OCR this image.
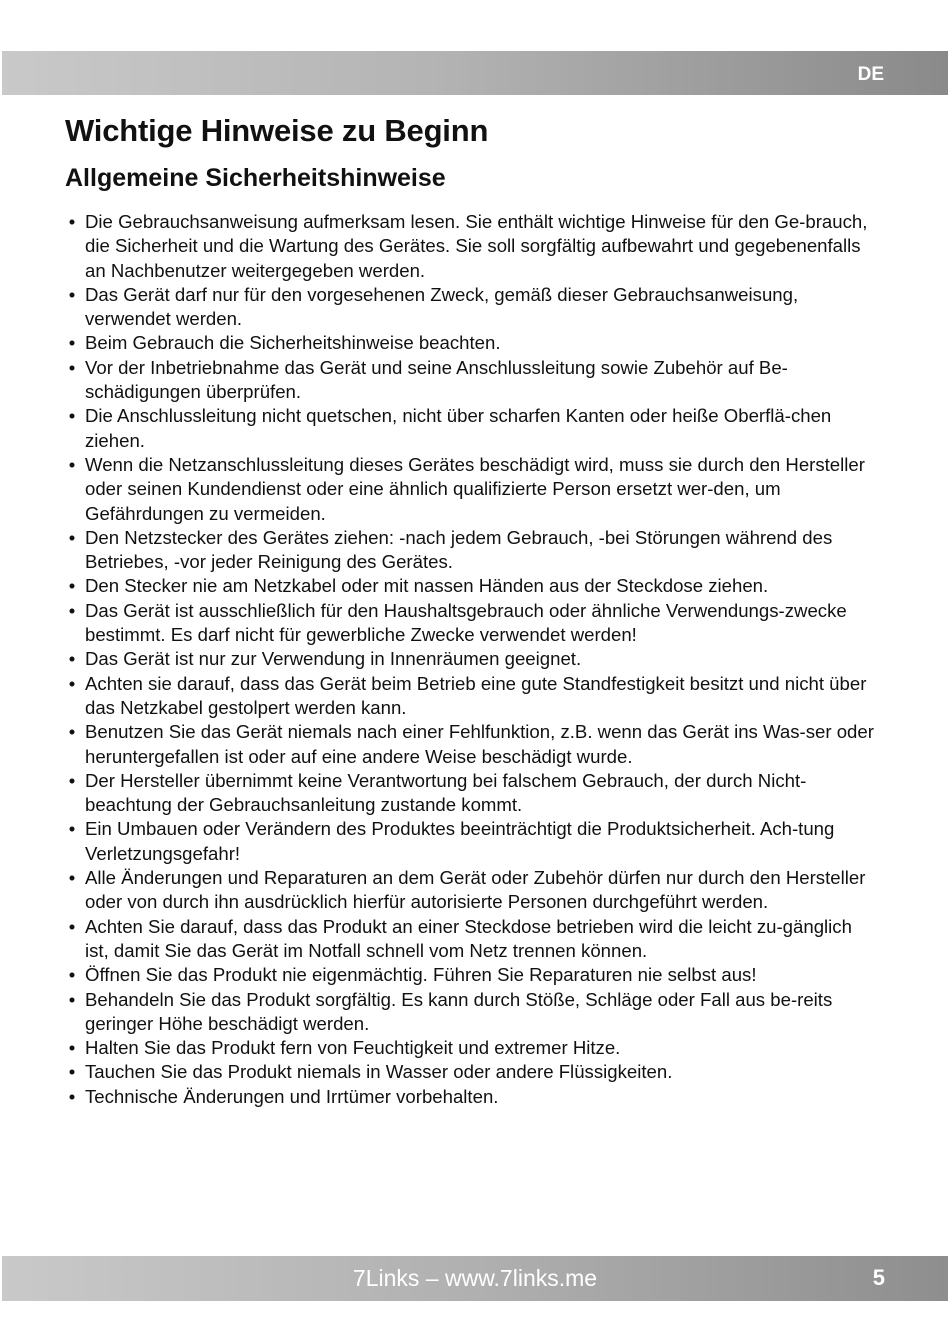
DE
Wichtige Hinweise zu Beginn
Allgemeine Sicherheitshinweise
• Die Gebrauchsanweisung aufmerksam lesen. Sie enthält wichtige Hinweise für den Ge-brauch, die Sicherheit und die Wartung des Gerätes. Sie soll sorgfältig aufbewahrt und gegebenenfalls an Nachbenutzer weitergegeben werden.
• Das Gerät darf nur für den vorgesehenen Zweck, gemäß dieser Gebrauchsanweisung, verwendet werden.
• Beim Gebrauch die Sicherheitshinweise beachten.
• Vor der Inbetriebnahme das Gerät und seine Anschlussleitung sowie Zubehör auf Be-schädigungen überprüfen.
• Die Anschlussleitung nicht quetschen, nicht über scharfen Kanten oder heiße Oberflä-chen ziehen.
• Wenn die Netzanschlussleitung dieses Gerätes beschädigt wird, muss sie durch den Hersteller oder seinen Kundendienst oder eine ähnlich qualifizierte Person ersetzt wer-den, um Gefährdungen zu vermeiden.
• Den Netzstecker des Gerätes ziehen: -nach jedem Gebrauch, -bei Störungen während des Betriebes, -vor jeder Reinigung des Gerätes.
• Den Stecker nie am Netzkabel oder mit nassen Händen aus der Steckdose ziehen.
• Das Gerät ist ausschließlich für den Haushaltsgebrauch oder ähnliche Verwendungs-zwecke bestimmt. Es darf nicht für gewerbliche Zwecke verwendet werden!
• Das Gerät ist nur zur Verwendung in Innenräumen geeignet.
• Achten sie darauf, dass das Gerät beim Betrieb eine gute Standfestigkeit besitzt und nicht über das Netzkabel gestolpert werden kann.
• Benutzen Sie das Gerät niemals nach einer Fehlfunktion, z.B. wenn das Gerät ins Was-ser oder heruntergefallen ist oder auf eine andere Weise beschädigt wurde.
• Der Hersteller übernimmt keine Verantwortung bei falschem Gebrauch, der durch Nicht-beachtung der Gebrauchsanleitung zustande kommt.
• Ein Umbauen oder Verändern des Produktes beeinträchtigt die Produktsicherheit. Ach-tung Verletzungsgefahr!
• Alle Änderungen und Reparaturen an dem Gerät oder Zubehör dürfen nur durch den Hersteller oder von durch ihn ausdrücklich hierfür autorisierte Personen durchgeführt werden.
• Achten Sie darauf, dass das Produkt an einer Steckdose betrieben wird die leicht zu-gänglich ist, damit Sie das Gerät im Notfall schnell vom Netz trennen können.
• Öffnen Sie das Produkt nie eigenmächtig. Führen Sie Reparaturen nie selbst aus!
• Behandeln Sie das Produkt sorgfältig. Es kann durch Stöße, Schläge oder Fall aus be-reits geringer Höhe beschädigt werden.
• Halten Sie das Produkt fern von Feuchtigkeit und extremer Hitze.
• Tauchen Sie das Produkt niemals in Wasser oder andere Flüssigkeiten.
• Technische Änderungen und Irrtümer vorbehalten.
7Links – www.7links.me	5
